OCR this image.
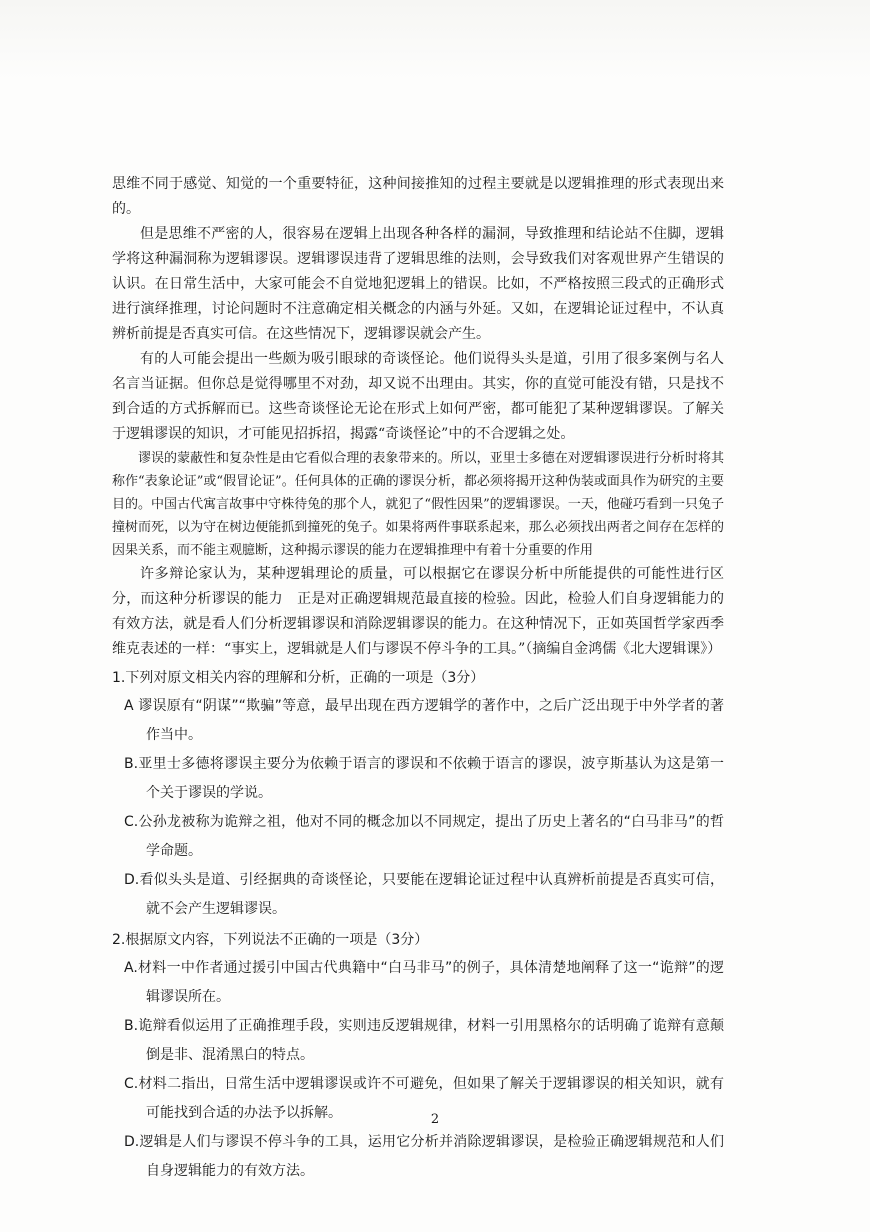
思维不同于感觉、知觉的一个重要特征，这种间接推知的过程主要就是以逻辑推理的形式表现出来的。

但是思维不严密的人，很容易在逻辑上出现各种各样的漏洞，导致推理和结论站不住脚，逻辑学将这种漏洞称为逻辑谬误。逻辑谬误违背了逻辑思维的法则，会导致我们对客观世界产生错误的认识。在日常生活中，大家可能会不自觉地犯逻辑上的错误。比如，不严格按照三段式的正确形式进行演绎推理，讨论问题时不注意确定相关概念的内涵与外延。又如，在逻辑论证过程中，不认真辨析前提是否真实可信。在这些情况下，逻辑谬误就会产生。

有的人可能会提出一些颇为吸引眼球的奇谈怪论。他们说得头头是道，引用了很多案例与名人名言当证据。但你总是觉得哪里不对劲，却又说不出理由。其实，你的直觉可能没有错，只是找不到合适的方式拆解而已。这些奇谈怪论无论在形式上如何严密，都可能犯了某种逻辑谬误。了解关于逻辑谬误的知识，才可能见招拆招，揭露“奇谈怪论”中的不合逻辑之处。

谬误的蒙蔽性和复杂性是由它看似合理的表象带来的。所以，亚里士多德在对逻辑谬误进行分析时将其称作“表象论证”或“假冒论证”。任何具体的正确的谬误分析，都必须将揭开这种伪装或面具作为研究的主要目的。中国古代寓言故事中守株待兔的那个人，就犯了“假性因果”的逻辑谬误。一天，他碰巧看到一只兔子撞树而死，以为守在树边便能抓到撞死的兔子。如果将两件事联系起来，那么必须找出两者之间存在怎样的因果关系，而不能主观臆断，这种揭示谬误的能力在逻辑推理中有着十分重要的作用

许多辩论家认为，某种逻辑理论的质量，可以根据它在谬误分析中所能提供的可能性进行区分，而这种分析谬误的能力　正是对正确逻辑规范最直接的检验。因此，检验人们自身逻辑能力的有效方法，就是看人们分析逻辑谬误和消除逻辑谬误的能力。在这种情况下，正如英国哲学家西季维克表述的一样：“事实上，逻辑就是人们与谬误不停斗争的工具。”（摘编自金鸿儒《北大逻辑课》）

1.下列对原文相关内容的理解和分析，正确的一项是（3分）

A 谬误原有“阴谋”“欺骗”等意，最早出现在西方逻辑学的著作中，之后广泛出现于中外学者的著作当中。

B.亚里士多德将谬误主要分为依赖于语言的谬误和不依赖于语言的谬误，波亨斯基认为这是第一个关于谬误的学说。

C.公孙龙被称为诡辩之祖，他对不同的概念加以不同规定，提出了历史上著名的“白马非马”的哲学命题。

D.看似头头是道、引经据典的奇谈怪论，只要能在逻辑论证过程中认真辨析前提是否真实可信，就不会产生逻辑谬误。

2.根据原文内容，下列说法不正确的一项是（3分）

A.材料一中作者通过援引中国古代典籍中“白马非马”的例子，具体清楚地阐释了这一“诡辩”的逻辑谬误所在。

B.诡辩看似运用了正确推理手段，实则违反逻辑规律，材料一引用黑格尔的话明确了诡辩有意颠倒是非、混淆黑白的特点。

C.材料二指出，日常生活中逻辑谬误或许不可避免，但如果了解关于逻辑谬误的相关知识，就有可能找到合适的办法予以拆解。

D.逻辑是人们与谬误不停斗争的工具，运用它分析并消除逻辑谬误，是检验正确逻辑规范和人们自身逻辑能力的有效方法。

2
